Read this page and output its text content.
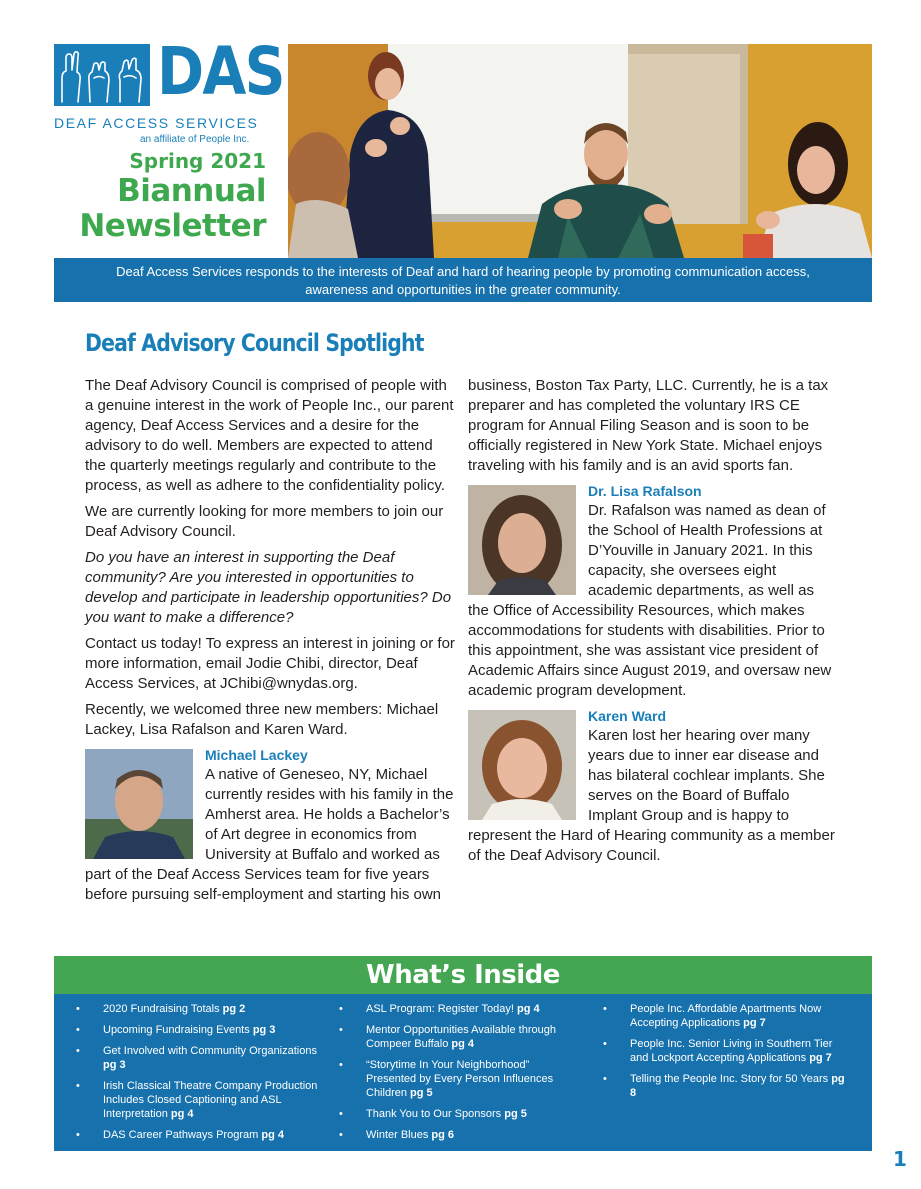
DAS
DEAF ACCESS SERVICES
an affiliate of People Inc.
Spring 2021
Biannual
Newsletter
Deaf Access Services responds to the interests of Deaf and hard of hearing people by promoting communication access, awareness and opportunities in the greater community.
Deaf Advisory Council Spotlight

The Deaf Advisory Council is comprised of people with a genuine interest in the work of People Inc., our parent agency, Deaf Access Services and a desire for the advisory to do well. Members are expected to attend the quarterly meetings regularly and contribute to the process, as well as adhere to the confidentiality policy.

We are currently looking for more members to join our Deaf Advisory Council.

Do you have an interest in supporting the Deaf community? Are you interested in opportunities to develop and participate in leadership opportunities? Do you want to make a difference?

Contact us today! To express an interest in joining or for more information, email Jodie Chibi, director, Deaf Access Services, at JChibi@wnydas.org.

Recently, we welcomed three new members: Michael Lackey, Lisa Rafalson and Karen Ward.

Michael Lackey
A native of Geneseo, NY, Michael currently resides with his family in the Amherst area. He holds a Bachelor’s of Art degree in economics from University at Buffalo and worked as part of the Deaf Access Services team for five years before pursuing self-employment and starting his own

business, Boston Tax Party, LLC. Currently, he is a tax preparer and has completed the voluntary IRS CE program for Annual Filing Season and is soon to be officially registered in New York State. Michael enjoys traveling with his family and is an avid sports fan.

Dr. Lisa Rafalson
Dr. Rafalson was named as dean of the School of Health Professions at D’Youville in January 2021. In this capacity, she oversees eight academic departments, as well as the Office of Accessibility Resources, which makes accommodations for students with disabilities. Prior to this appointment, she was assistant vice president of Academic Affairs since August 2019, and oversaw new academic program development.
Karen Ward
Karen lost her hearing over many years due to inner ear disease and has bilateral cochlear implants. She serves on the Board of Buffalo Implant Group and is happy to represent the Hard of Hearing community as a member of the Deaf Advisory Council.
What’s Inside
• 2020 Fundraising Totals pg 2
• Upcoming Fundraising Events pg 3
• Get Involved with Community Organizations pg 3
• Irish Classical Theatre Company Production Includes Closed Captioning and ASL Interpretation pg 4
• DAS Career Pathways Program pg 4
• ASL Program: Register Today! pg 4
• Mentor Opportunities Available through Compeer Buffalo pg 4
• “Storytime In Your Neighborhood” Presented by Every Person Influences Children pg 5
• Thank You to Our Sponsors pg 5
• Winter Blues pg 6
• People Inc. Affordable Apartments Now Accepting Applications pg 7
• People Inc. Senior Living in Southern Tier and Lockport Accepting Applications pg 7
• Telling the People Inc. Story for 50 Years pg 8
1
